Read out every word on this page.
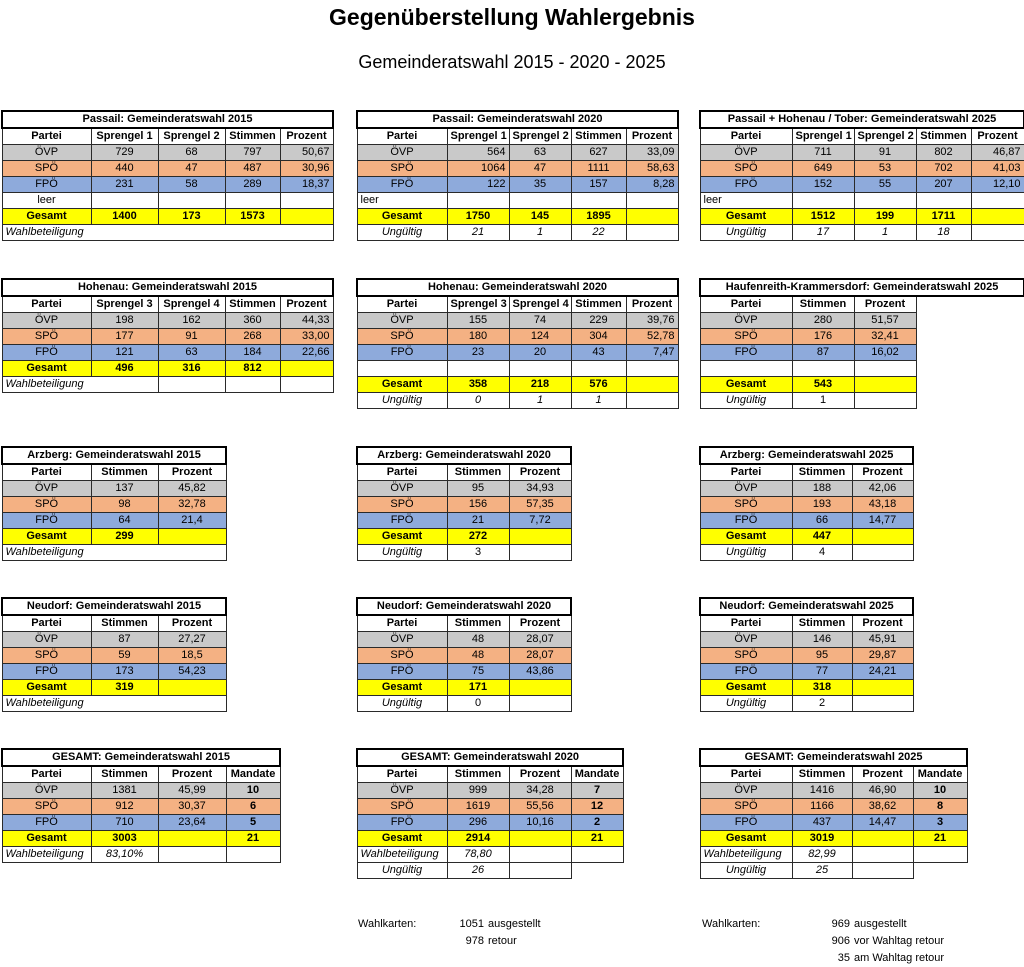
Gegenüberstellung Wahlergebnis
Gemeinderatswahl 2015 - 2020 - 2025
Passail: Gemeinderatswahl 2015				
Partei	Sprengel 1	Sprengel 2	Stimmen	Prozent
ÖVP	729	68	797	50,67
SPÖ	440	47	487	30,96
FPÖ	231	58	289	18,37
leer				
Gesamt	1400	173	1573	
Wahlbeteiligung				
Passail: Gemeinderatswahl 2020				
Partei	Sprengel 1	Sprengel 2	Stimmen	Prozent
ÖVP	564	63	627	33,09
SPÖ	1064	47	1111	58,63
FPÖ	122	35	157	8,28
leer				
Gesamt	1750	145	1895	
Ungültig	21	1	22	
Passail + Hohenau / Tober: Gemeinderatswahl 2025				
Partei	Sprengel 1	Sprengel 2	Stimmen	Prozent
ÖVP	711	91	802	46,87
SPÖ	649	53	702	41,03
FPÖ	152	55	207	12,10
leer				
Gesamt	1512	199	1711	
Ungültig	17	1	18	
Hohenau: Gemeinderatswahl 2015				
Partei	Sprengel 3	Sprengel 4	Stimmen	Prozent
ÖVP	198	162	360	44,33
SPÖ	177	91	268	33,00
FPÖ	121	63	184	22,66
Gesamt	496	316	812	
Wahlbeteiligung				
Hohenau: Gemeinderatswahl 2020				
Partei	Sprengel 3	Sprengel 4	Stimmen	Prozent
ÖVP	155	74	229	39,76
SPÖ	180	124	304	52,78
FPÖ	23	20	43	7,47

Gesamt	358	218	576	
Ungültig	0	1	1	
Haufenreith-Krammersdorf: Gemeinderatswahl 2025			
Partei	Stimmen	Prozent	
ÖVP	280	51,57	
SPÖ	176	32,41	
FPÖ	87	16,02	

Gesamt	543		
Ungültig	1		
Arzberg: Gemeinderatswahl 2015		
Partei	Stimmen	Prozent
ÖVP	137	45,82
SPÖ	98	32,78
FPÖ	64	21,4
Gesamt	299	
Wahlbeteiligung		
Arzberg: Gemeinderatswahl 2020		
Partei	Stimmen	Prozent
ÖVP	95	34,93
SPÖ	156	57,35
FPÖ	21	7,72
Gesamt	272	
Ungültig	3	
Arzberg: Gemeinderatswahl 2025		
Partei	Stimmen	Prozent
ÖVP	188	42,06
SPÖ	193	43,18
FPÖ	66	14,77
Gesamt	447	
Ungültig	4	
Neudorf: Gemeinderatswahl 2015		
Partei	Stimmen	Prozent
ÖVP	87	27,27
SPÖ	59	18,5
FPÖ	173	54,23
Gesamt	319	
Wahlbeteiligung		
Neudorf: Gemeinderatswahl 2020		
Partei	Stimmen	Prozent
ÖVP	48	28,07
SPÖ	48	28,07
FPÖ	75	43,86
Gesamt	171	
Ungültig	0	
Neudorf: Gemeinderatswahl 2025		
Partei	Stimmen	Prozent
ÖVP	146	45,91
SPÖ	95	29,87
FPÖ	77	24,21
Gesamt	318	
Ungültig	2	
GESAMT: Gemeinderatswahl 2015			
Partei	Stimmen	Prozent	Mandate
ÖVP	1381	45,99	10
SPÖ	912	30,37	6
FPÖ	710	23,64	5
Gesamt	3003		21
Wahlbeteiligung	83,10%		
GESAMT: Gemeinderatswahl 2020			
Partei	Stimmen	Prozent	Mandate
ÖVP	999	34,28	7
SPÖ	1619	55,56	12
FPÖ	296	10,16	2
Gesamt	2914		21
Wahlbeteiligung	78,80		
Ungültig	26		
GESAMT: Gemeinderatswahl 2025			
Partei	Stimmen	Prozent	Mandate
ÖVP	1416	46,90	10
SPÖ	1166	38,62	8
FPÖ	437	14,47	3
Gesamt	3019		21
Wahlbeteiligung	82,99		
Ungültig	25		
Wahlkarten:	1051 ausgestellt
978 retour
Wahlkarten:	969 ausgestellt
906 vor Wahltag retour
35 am Wahltag retour
